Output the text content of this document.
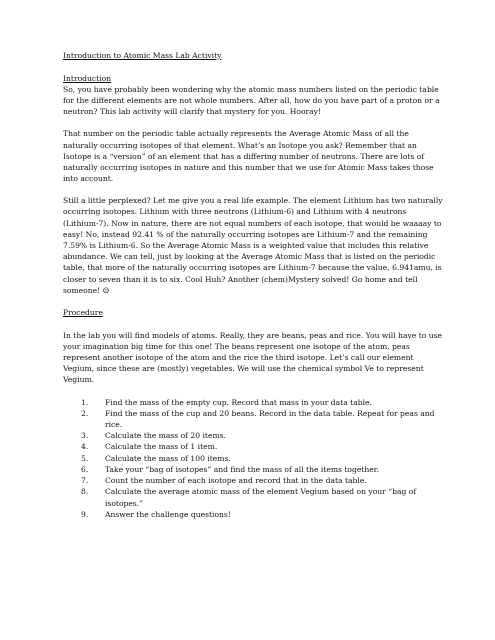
Introduction to Atomic Mass Lab Activity

Introduction

So, you have probably been wondering why the atomic mass numbers listed on the periodic table for the different elements are not whole numbers. After all, how do you have part of a proton or a neutron? This lab activity will clarify that mystery for you. Hooray!

That number on the periodic table actually represents the Average Atomic Mass of all the naturally occurring isotopes of that element. What’s an Isotope you ask? Remember that an Isotope is a “version” of an element that has a differing number of neutrons. There are lots of naturally occurring isotopes in nature and this number that we use for Atomic Mass takes those into account.

Still a little perplexed? Let me give you a real life example. The element Lithium has two naturally occurring isotopes. Lithium with three neutrons (Lithium-6) and Lithium with 4 neutrons (Lithium-7). Now in nature, there are not equal numbers of each isotope, that would be waaaay to easy! No, instead 92.41 % of the naturally occurring isotopes are Lithium-7 and the remaining 7.59% is Lithium-6. So the Average Atomic Mass is a weighted value that includes this relative abundance. We can tell, just by looking at the Average Atomic Mass that is listed on the periodic table, that more of the naturally occurring isotopes are Lithium-7 because the value, 6.941amu, is closer to seven than it is to six. Cool Huh? Another (chem)Mystery solved! Go home and tell someone! ☺

Procedure

In the lab you will find models of atoms. Really, they are beans, peas and rice. You will have to use your imagination big time for this one! The beans represent one isotope of the atom, peas represent another isotope of the atom and the rice the third isotope. Let’s call our element Vegium, since these are (mostly) vegetables. We will use the chemical symbol Ve to represent Vegium.

1. Find the mass of the empty cup. Record that mass in your data table.
2. Find the mass of the cup and 20 beans. Record in the data table. Repeat for peas and rice.
3. Calculate the mass of 20 items.
4. Calculate the mass of 1 item.
5. Calculate the mass of 100 items.
6. Take your “bag of isotopes” and find the mass of all the items together.
7. Count the number of each isotope and record that in the data table.
8. Calculate the average atomic mass of the element Vegium based on your “bag of isotopes.”
9. Answer the challenge questions!
